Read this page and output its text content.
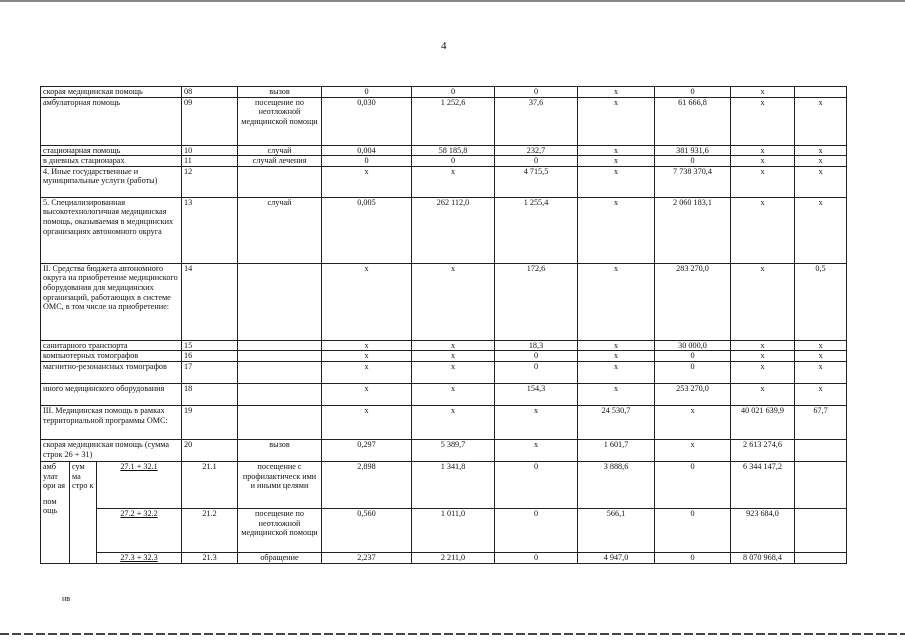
4
скорая медицинская помощь			08	вызов	0	0	0	x	0	x	
амбулаторная помощь			09	посещение по неотложной медицинской помощи	0,030	1 252,6	37,6	x	61 666,8	x	x
стационарная помощь			10	случай	0,004	58 185,8	232,7	x	381 931,6	x	x
в дневных стационарах			11	случай лечения	0	0	0	x	0	x	x
4. Иные государственные и муниципальные услуги (работы)			12		x	x	4 715,5	x	7 738 370,4	x	x
5. Специализированная высокотехнологичная медицинская помощь, оказываемая в медицинских организациях автономного округа			13	случай	0,005	262 112,0	1 255,4	x	2 060 183,1	x	x
II. Средства бюджета автономного округа на приобретение медицинского оборудования для медицинских организаций, работающих в системе ОМС, в том числе на приобретение:			14		x	x	172,6	x	283 270,0	x	0,5
санитарного транспорта			15		x	x	18,3	x	30 000,0	x	x
компьютерных томографов			16		x	x	0	x	0	x	x
магнитно-резонансных томографов			17		x	x	0	x	0	x	x
иного медицинского оборудования			18		x	x	154,3	x	253 270,0	x	x
III. Медицинская помощь в рамках территориальной программы ОМС:			19		x	x	x	24 530,7	x	40 021 639,9	67,7
скорая медицинская помощь (сумма строк 26 + 31)			20	вызов	0,297	5 389,7	x	1 601,7	x	2 613 274,6	

амб улат ори ая
пом ощь	сум ма стро к	27.1 + 32.1	21.1	посещение с профилактическ ими и иными целями	2,898	1 341,8	0	3 888,6	0	6 344 147,2	
		27.2 + 32.2	21.2	посещение по неотложной медицинской помощи	0,560	1 011,0	0	566,1	0	923 684,0	
		27.3 + 32.3	21.3	обращение	2,237	2 211,0	0	4 947,0	0	8 070 968,4	
нв
